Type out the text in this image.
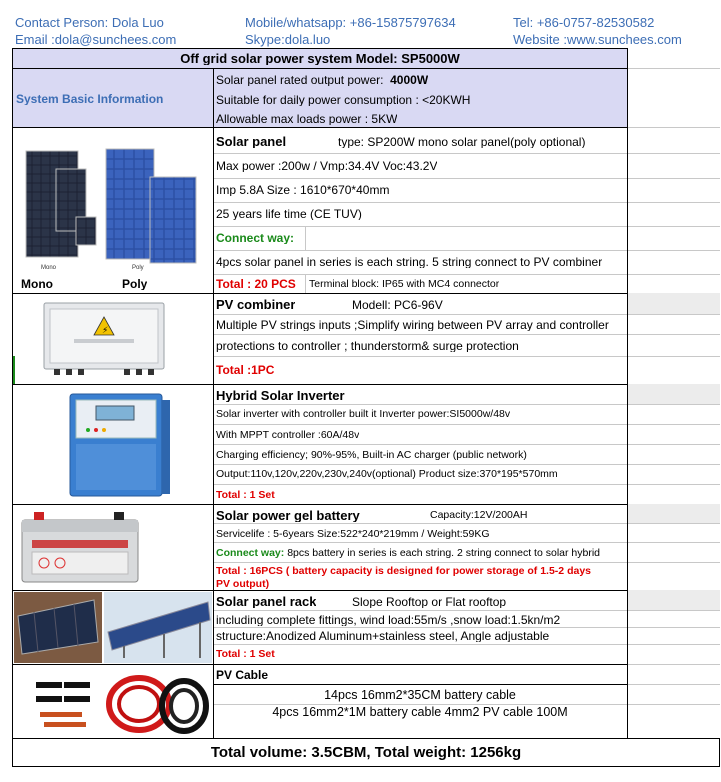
Contact Person: Dola Luo	Mobile/whatsapp: +86-15875797634	Tel: +86-0757-82530582
Email :dola@sunchees.com	Skype:dola.luo	Website :www.sunchees.com
Off grid solar power system Model: SP5000W
System Basic Information
Solar panel rated output power: 4000W
Suitable for daily power consumption : <20KWH
Allowable max loads power : 5KW
Mono	Poly
Mono	Poly
Solar panel	type: SP200W mono solar panel(poly optional)
Max power :200w / Vmp:34.4V Voc:43.2V
Imp 5.8A Size : 1610*670*40mm
25 years life time (CE TUV)
Connect way:
4pcs solar panel in series is each string. 5 string connect to PV combiner
Total : 20 PCS Terminal block: IP65 with MC4 connector
⚡
PV combiner	Modell: PC6-96V
Multiple PV strings inputs ;Simplify wiring between PV array and controller
protections to controller ; thunderstorm& surge protection
Total :1PC
Hybrid Solar Inverter
Solar inverter with controller built it Inverter power:SI5000w/48v
With MPPT controller :60A/48v
Charging efficiency; 90%-95%, Built-in AC charger (public network)
Output:110v,120v,220v,230v,240v(optional) Product size:370*195*570mm
Total : 1 Set
Solar power gel battery	Capacity:12V/200AH
Servicelife : 5-6years Size:522*240*219mm / Weight:59KG
Connect way: 8pcs battery in series is each string. 2 string connect to solar hybrid
Total : 16PCS ( battery capacity is designed for power storage of 1.5-2 days
PV output)
Solar panel rack	Slope Rooftop or Flat rooftop
including complete fittings, wind load:55m/s ,snow load:1.5kn/m2
structure:Anodized Aluminum+stainless steel, Angle adjustable
Total : 1 Set
PV Cable
14pcs 16mm2*35CM battery cable
4pcs 16mm2*1M battery cable 4mm2 PV cable 100M
Total volume: 3.5CBM, Total weight: 1256kg
